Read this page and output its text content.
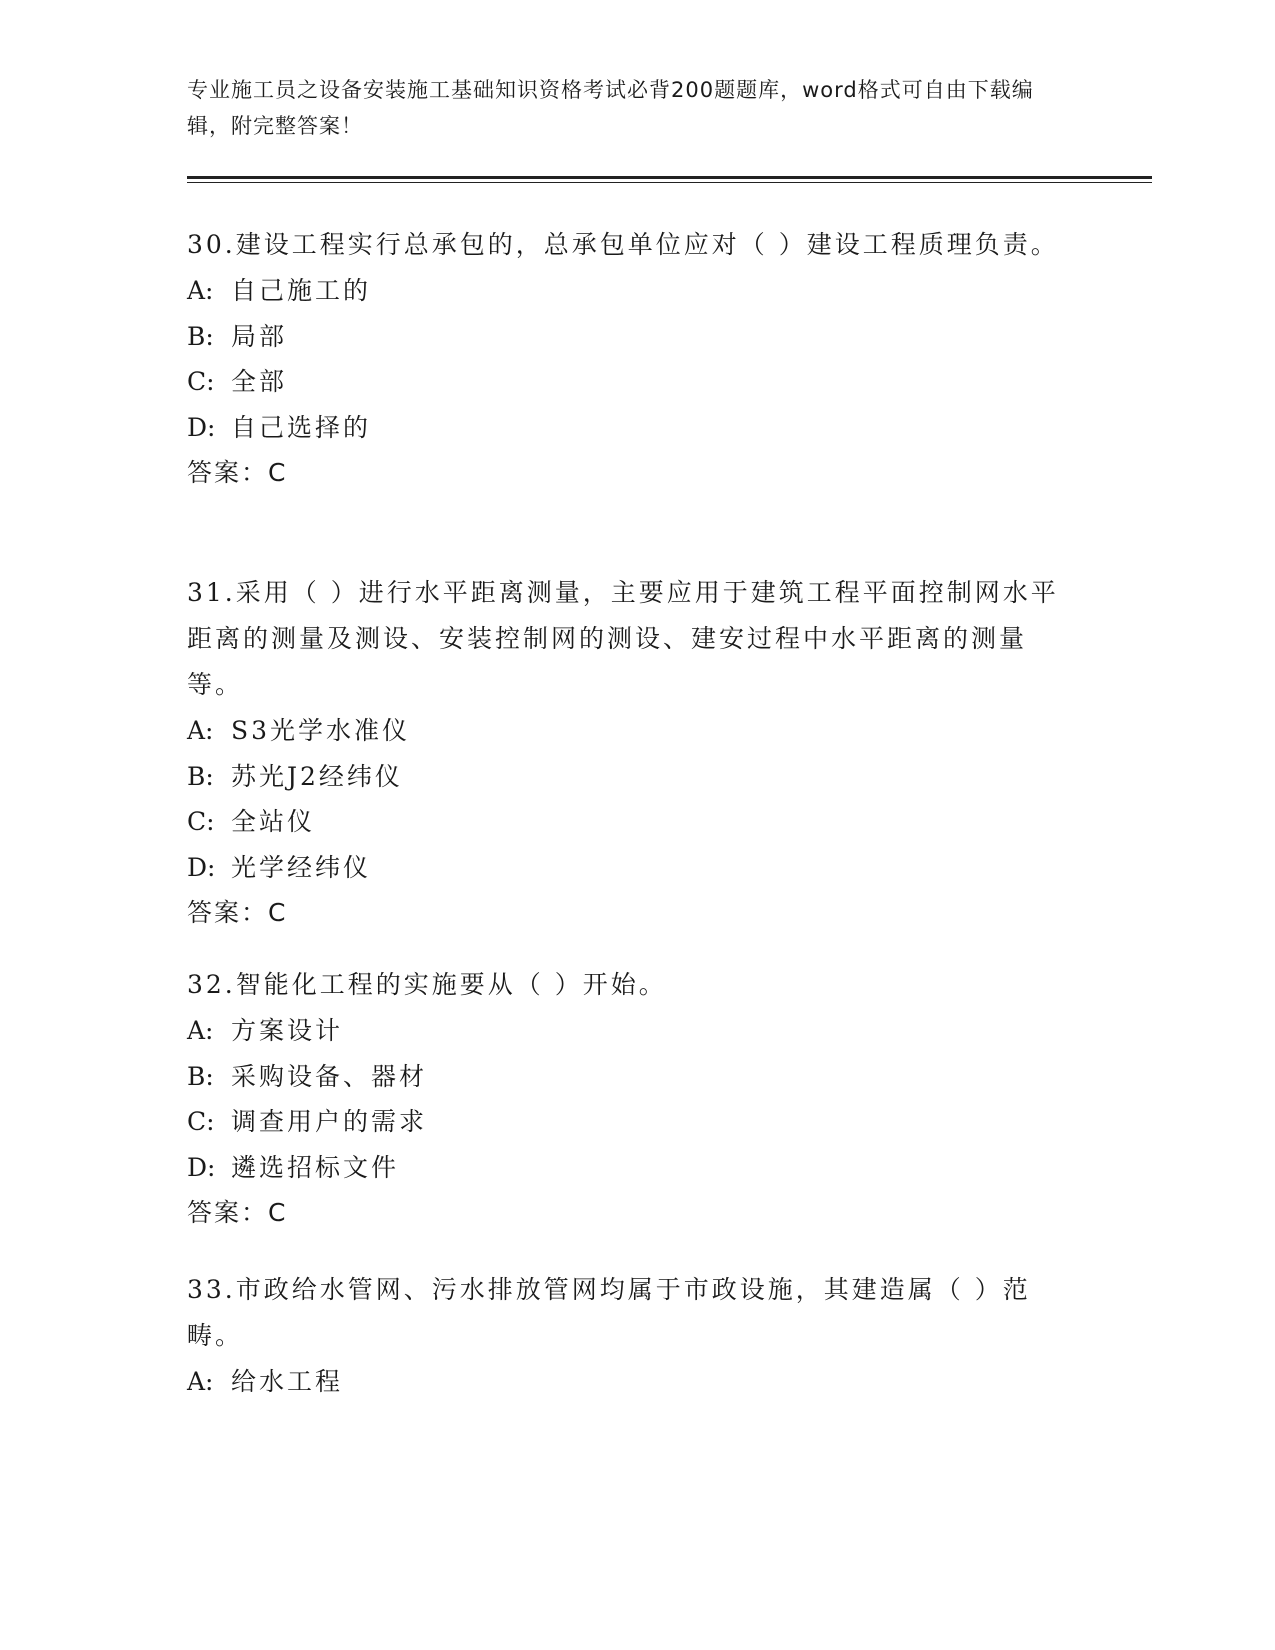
专业施工员之设备安装施工基础知识资格考试必背200题题库，word格式可自由下载编辑，附完整答案！

30.建设工程实行总承包的，总承包单位应对（ ）建设工程质理负责。

A: 自己施工的

B: 局部

C: 全部

D: 自己选择的

答案：C

31.采用（ ）进行水平距离测量，主要应用于建筑工程平面控制网水平距离的测量及测设、安装控制网的测设、建安过程中水平距离的测量等。

A: S3光学水准仪

B: 苏光J2经纬仪

C: 全站仪

D: 光学经纬仪

答案：C

32.智能化工程的实施要从（ ）开始。

A: 方案设计

B: 采购设备、器材

C: 调查用户的需求

D: 遴选招标文件

答案：C

33.市政给水管网、污水排放管网均属于市政设施，其建造属（ ）范畴。

A: 给水工程
